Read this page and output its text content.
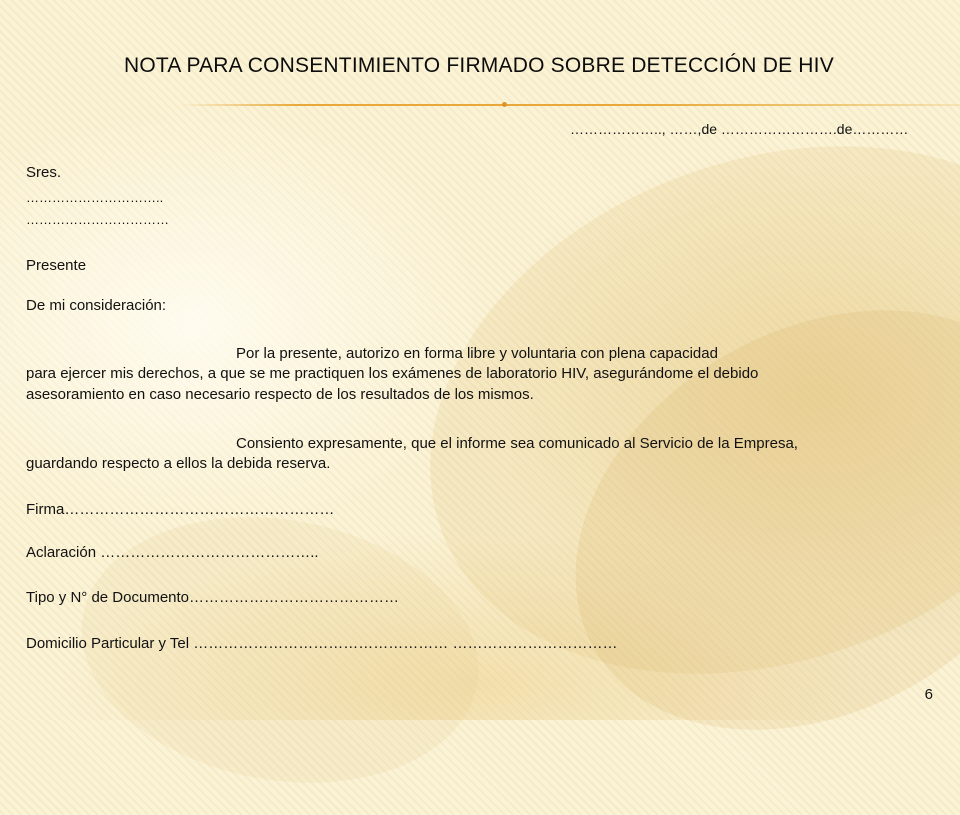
NOTA PARA CONSENTIMIENTO FIRMADO SOBRE DETECCIÓN DE HIV
……………….., ……,de …………………….de…………
Sres.
…………………………..
……………………………
Presente
De mi consideración:
Por la presente, autorizo en forma libre y voluntaria con plena capacidad
para ejercer mis derechos, a que se me practiquen los exámenes de laboratorio HIV, asegurándome el debido
asesoramiento en caso necesario respecto de los resultados de los mismos.
Consiento expresamente, que el informe sea comunicado al Servicio de la Empresa,
guardando respecto a ellos la debida reserva.
Firma………………………………………………
Aclaración ……………………………………..
Tipo y N° de Documento……………………………………
Domicilio Particular y Tel …………………………………………… ……………………………
6
